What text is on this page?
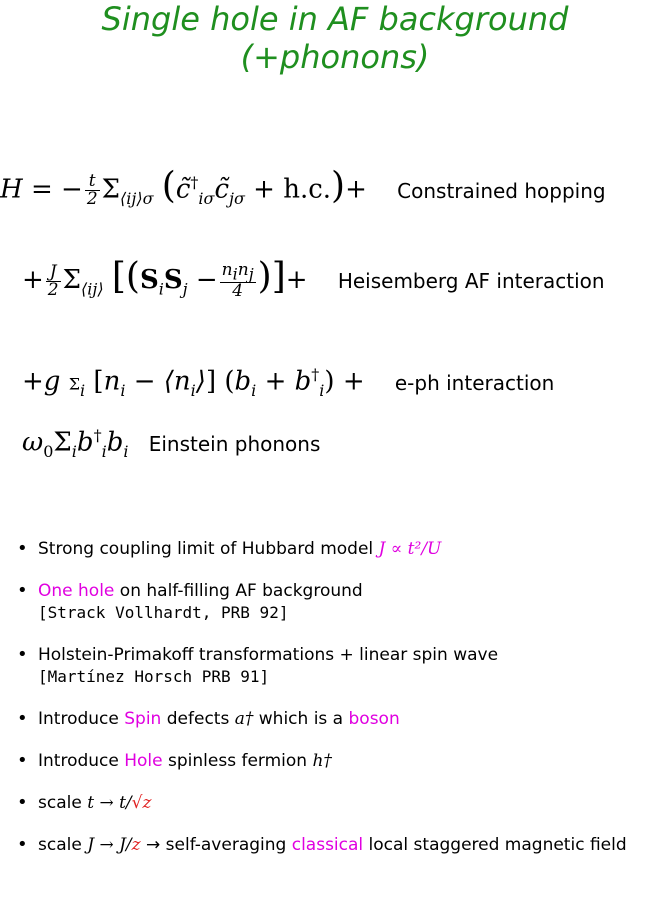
Single hole in AF background
(+phonons)
H = − $\frac{t}{2} \Sigma_{⟨ij⟩\sigma}$ $(c̃^\dagger_{i\sigma}c̃_{j\sigma} + h.c.)+$ Constrained hopping
+ $\frac{J}{2} \Sigma_{⟨ij⟩}$ [($S_iS_j - \frac{n_in_j}{4}$ )]+ Heisemberg AF interaction
+g $\Sigma_i$ [$n_i$ − $⟨n_i⟩$] $(b_i + b^\dagger_i) + e-ph$ interaction
$\omega_0\Sigma_ib^\dagger_ib_i$ Einstein phonons
• Strong coupling limit of Hubbard model J ∝ t²/U
• One hole on half-filling AF background
[Strack Vollhardt, PRB 92]
• Holstein-Primakoff transformations + linear spin wave
[Martínez Horsch PRB 91]
• Introduce Spin defects a† which is a boson
• Introduce Hole spinless fermion h†
• scale t → t/√z
• scale J → J/z → self-averaging classical local staggered magnetic field
